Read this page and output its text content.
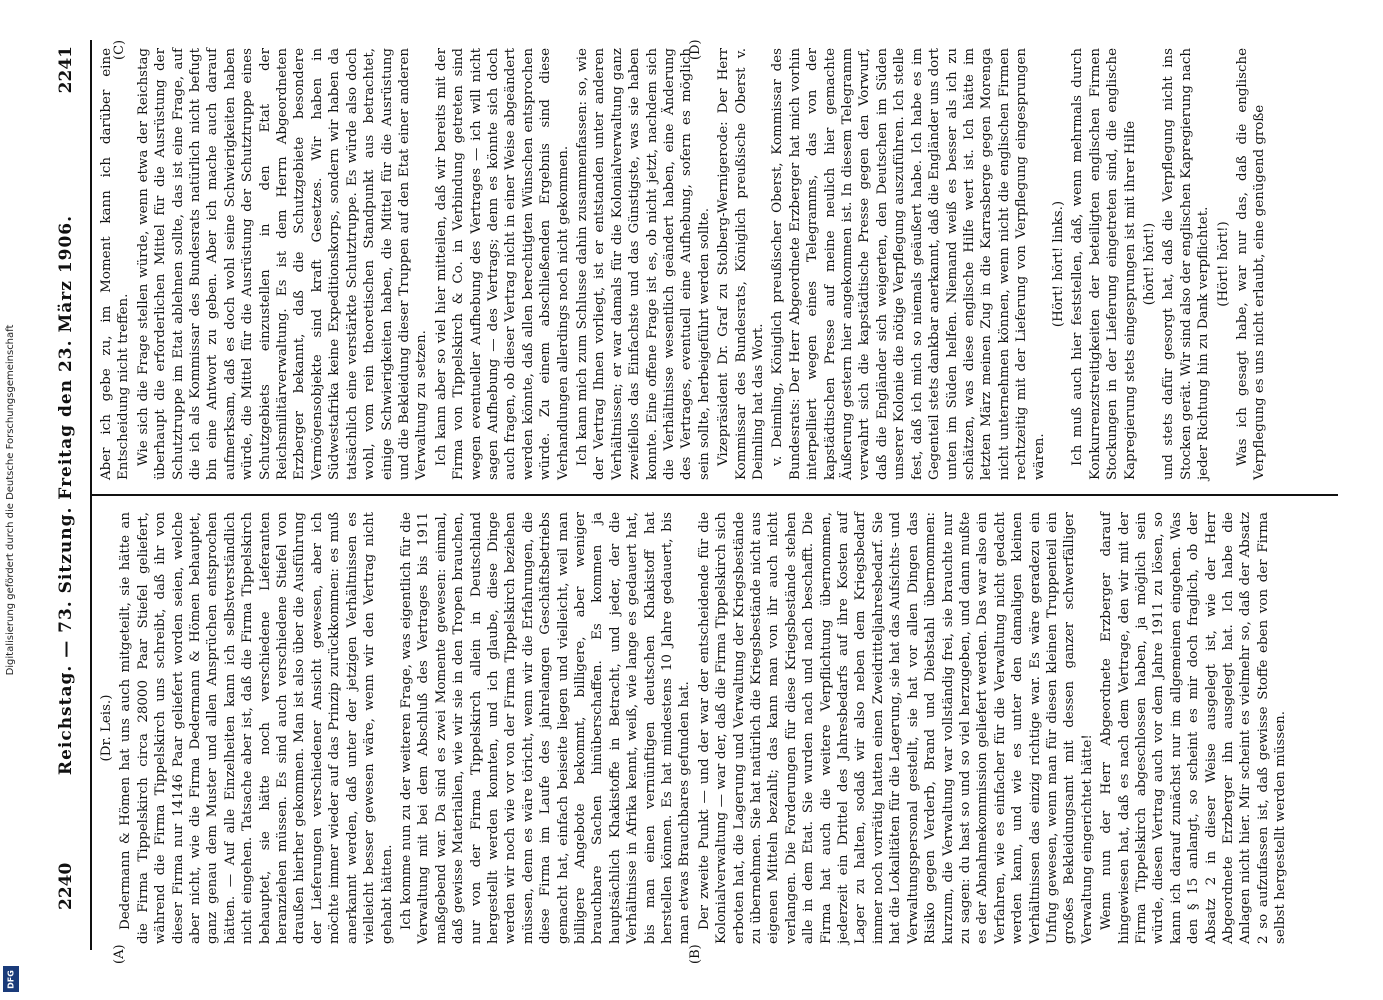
Digitalisierung gefördert durch die Deutsche Forschungsgemeinschaft
DFG
2240
Reichstag. — 73. Sitzung. Freitag den 23. März 1906.
2241
(A)	(B)
(C)	(D)

(Dr. Leis.) Dedermann & Hömen hat uns auch mitgeteilt, sie hätte an die Firma Tippelskirch circa 28000 Paar Stiefel geliefert, während die Firma Tippelskirch uns schreibt, daß ihr von dieser Firma nur 14146 Paar geliefert worden seien, welche aber nicht, wie die Firma Dedermann & Hömen behauptet, ganz genau dem Muster und allen Ansprüchen entsprochen hätten. — Auf alle Einzelheiten kann ich selbstverständlich nicht eingehen. Tatsache aber ist, daß die Firma Tippelskirch behauptet, sie hätte noch verschiedene Lieferanten heranziehen müssen. Es sind auch verschiedene Stiefel von draußen hierher gekommen. Man ist also über die Ausführung der Lieferungen verschiedener Ansicht gewesen, aber ich möchte immer wieder auf das Prinzip zurückkommen: es muß anerkannt werden, daß unter der jetzigen Verhältnissen es vielleicht besser gewesen wäre, wenn wir den Vertrag nicht gehabt hätten. Ich komme nun zu der weiteren Frage, was eigentlich für die Verwaltung mit bei dem Abschluß des Vertrages bis 1911 maßgebend war. Da sind es zwei Momente gewesen: einmal, daß gewisse Materialien, wie wir sie in den Tropen brauchen, nur von der Firma Tippelskirch allein in Deutschland hergestellt werden konnten, und ich glaube, diese Dinge werden wir noch wie vor von der Firma Tippelskirch beziehen müssen, denn es wäre töricht, wenn wir die Erfahrungen, die diese Firma im Laufe des jahrelangen Geschäftsbetriebs gemacht hat, einfach beiseite liegen und vielleicht, weil man billigere Angebote bekommt, billigere, aber weniger brauchbare Sachen hinüberschaffen. Es kommen ja hauptsächlich Khakistoffe in Betracht, und jeder, der die Verhältnisse in Afrika kennt, weiß, wie lange es gedauert hat, bis man einen vernünftigen deutschen Khakistoff hat herstellen können. Es hat mindestens 10 Jahre gedauert, bis man etwas Brauchbares gefunden hat. Der zweite Punkt — und der war der entscheidende für die Kolonialverwaltung — war der, daß die Firma Tippelskirch sich erboten hat, die Lagerung und Verwaltung der Kriegsbestände zu übernehmen. Sie hat natürlich die Kriegsbestände nicht aus eigenen Mitteln bezahlt; das kann man von ihr auch nicht verlangen. Die Forderungen für diese Kriegsbestände stehen alle in dem Etat. Sie wurden nach und nach beschafft. Die Firma hat auch die weitere Verpflichtung übernommen, jederzeit ein Drittel des Jahresbedarfs auf ihre Kosten auf Lager zu halten, sodaß wir also neben dem Kriegsbedarf immer noch vorrätig hatten einen Zweidritteljahresbedarf. Sie hat die Lokalitäten für die Lagerung, sie hat das Aufsichts- und Verwaltungspersonal gestellt, sie hat vor allen Dingen das Risiko gegen Verderb, Brand und Diebstahl übernommen: kurzum, die Verwaltung war vollständig frei, sie brauchte nur zu sagen: du hast so und so viel herzugeben, und dann mußte es der Abnahmekommission geliefert werden. Das war also ein Verfahren, wie es einfacher für die Verwaltung nicht gedacht werden kann, und wie es unter den damaligen kleinen Verhältnissen das einzig richtige war. Es wäre geradezu ein Unfug gewesen, wenn man für diesen kleinen Truppenteil ein großes Bekleidungsamt mit dessen ganzer schwerfälliger Verwaltung eingerichtet hätte! Wenn nun der Herr Abgeordnete Erzberger darauf hingewiesen hat, daß es nach dem Vertrage, den wir mit der Firma Tippelskirch abgeschlossen haben, ja möglich sein würde, diesen Vertrag auch vor dem Jahre 1911 zu lösen, so kann ich darauf zunächst nur im allgemeinen eingehen. Was den § 15 anlangt, so scheint es mir doch fraglich, ob der Absatz 2 in dieser Weise ausgelegt ist, wie der Herr Abgeordnete Erzberger ihn ausgelegt hat. Ich habe die Anlagen nicht hier. Mir scheint es vielmehr so, daß der Absatz 2 so aufzufassen ist, daß gewisse Stoffe eben von der Firma selbst hergestellt werden müssen.

Aber ich gebe zu, im Moment kann ich darüber eine Entscheidung nicht treffen. Wie sich die Frage stellen würde, wenn etwa der Reichstag überhaupt die erforderlichen Mittel für die Ausrüstung der Schutztruppe im Etat ablehnen sollte, das ist eine Frage, auf die ich als Kommissar des Bundesrats natürlich nicht befugt bin eine Antwort zu geben. Aber ich mache auch darauf aufmerksam, daß es doch wohl seine Schwierigkeiten haben würde, die Mittel für die Ausrüstung der Schutztruppe eines Schutzgebiets einzustellen in den Etat der Reichsmilitärverwaltung. Es ist dem Herrn Abgeordneten Erzberger bekannt, daß die Schutzgebiete besondere Vermögensobjekte sind kraft Gesetzes. Wir haben in Südwestafrika keine Expeditionskorps, sondern wir haben da tatsächlich eine verstärkte Schutztruppe. Es würde also doch wohl, vom rein theoretischen Standpunkt aus betrachtet, einige Schwierigkeiten haben, die Mittel für die Ausrüstung und die Bekleidung dieser Truppen auf den Etat einer anderen Verwaltung zu setzen. Ich kann aber so viel hier mitteilen, daß wir bereits mit der Firma von Tippelskirch & Co. in Verbindung getreten sind wegen eventueller Aufhebung des Vertrages — ich will nicht sagen Aufhebung — des Vertrags; denn es könnte sich doch auch fragen, ob dieser Vertrag nicht in einer Weise abgeändert werden könnte, daß allen berechtigten Wünschen entsprochen würde. Zu einem abschließenden Ergebnis sind diese Verhandlungen allerdings noch nicht gekommen. Ich kann mich zum Schlusse dahin zusammenfassen: so, wie der Vertrag Ihnen vorliegt, ist er entstanden unter anderen Verhältnissen; er war damals für die Kolonialverwaltung ganz zweifellos das Einfachste und das Günstigste, was sie haben konnte. Eine offene Frage ist es, ob nicht jetzt, nachdem sich die Verhältnisse wesentlich geändert haben, eine Änderung des Vertrages, eventuell eine Aufhebung, sofern es möglich sein sollte, herbeigeführt werden sollte. Vizepräsident Dr. Graf zu Stolberg-Wernigerode: Der Herr Kommissar des Bundesrats, Königlich preußische Oberst v. Deimling hat das Wort. v. Deimling, Königlich preußischer Oberst, Kommissar des Bundesrats: Der Herr Abgeordnete Erzberger hat mich vorhin interpelliert wegen eines Telegramms, das von der kapstädtischen Presse auf meine neulich hier gemachte Äußerung gestern hier angekommen ist. In diesem Telegramm verwahrt sich die kapstädtische Presse gegen den Vorwurf, daß die Engländer sich weigerten, den Deutschen im Süden unserer Kolonie die nötige Verpflegung auszuführen. Ich stelle fest, daß ich mich so niemals geäußert habe. Ich habe es im Gegenteil stets dankbar anerkannt, daß die Engländer uns dort unten im Süden helfen. Niemand weiß es besser als ich zu schätzen, was diese englische Hilfe wert ist. Ich hätte im letzten März meinen Zug in die Karrasberge gegen Morenga nicht unternehmen können, wenn nicht die englischen Firmen rechtzeitig mit der Lieferung von Verpflegung eingesprungen wären.

(Hört! hört! links.) Ich muß auch hier feststellen, daß, wenn mehrmals durch Konkurrenzstreitigkeiten der beteiligten englischen Firmen Stockungen in der Lieferung eingetreten sind, die englische Kapregierung stets eingesprungen ist mit ihrer Hilfe (hört! hört!) und stets dafür gesorgt hat, daß die Verpflegung nicht ins Stocken gerät. Wir sind also der englischen Kapregierung nach jeder Richtung hin zu Dank verpflichtet. (Hört! hört!) Was ich gesagt habe, war nur das, daß die englische Verpflegung es uns nicht erlaubt, eine genügend große
